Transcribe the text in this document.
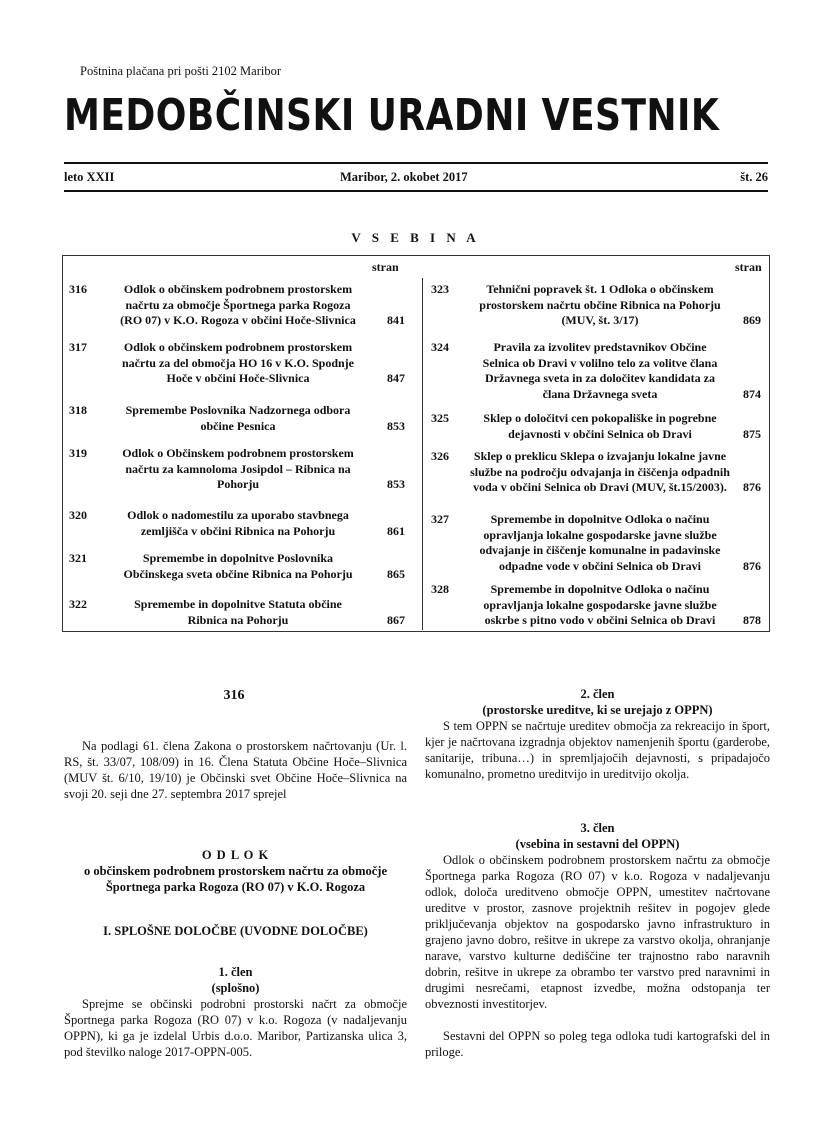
Poštnina plačana pri pošti 2102 Maribor
MEDOBČINSKI URADNI VESTNIK
leto XXII	Maribor, 2. okobet 2017	št. 26
V S E B I N A
stran	stran
316	Odlok o občinskem podrobnem prostorskem
načrtu za območje Športnega parka Rogoza
(RO 07) v K.O. Rogoza v občini Hoče-Slivnica	841
317	Odlok o občinskem podrobnem prostorskem
načrtu za del območja HO 16 v K.O. Spodnje
Hoče v občini Hoče-Slivnica	847
318	Spremembe Poslovnika Nadzornega odbora
občine Pesnica	853
319	Odlok o Občinskem podrobnem prostorskem
načrtu za kamnoloma Josipdol – Ribnica na
Pohorju	853
320	Odlok o nadomestilu za uporabo stavbnega
zemljišča v občini Ribnica na Pohorju	861
321	Spremembe in dopolnitve Poslovnika
Občinskega sveta občine Ribnica na Pohorju	865
322	Spremembe in dopolnitve Statuta občine
Ribnica na Pohorju	867
323	Tehnični popravek št. 1 Odloka o občinskem
prostorskem načrtu občine Ribnica na Pohorju
(MUV, št. 3/17)	869
324	Pravila za izvolitev predstavnikov Občine
Selnica ob Dravi v volilno telo za volitve člana
Državnega sveta in za določitev kandidata za
člana Državnega sveta	874
325	Sklep o določitvi cen pokopališke in pogrebne
dejavnosti v občini Selnica ob Dravi	875
326	Sklep o preklicu Sklepa o izvajanju lokalne javne
službe na področju odvajanja in čiščenja odpadnih
voda v občini Selnica ob Dravi (MUV, št.15/2003).	876
327	Spremembe in dopolnitve Odloka o načinu
opravljanja lokalne gospodarske javne službe
odvajanje in čiščenje komunalne in padavinske
odpadne vode v občini Selnica ob Dravi	876
328	Spremembe in dopolnitve Odloka o načinu
opravljanja lokalne gospodarske javne službe
oskrbe s pitno vodo v občini Selnica ob Dravi	878
316
Na podlagi 61. člena Zakona o prostorskem načrtovanju (Ur. l. RS, št. 33/07, 108/09) in 16. Člena Statuta Občine Hoče–Slivnica (MUV št. 6/10, 19/10) je Občinski svet Občine Hoče–Slivnica na svoji 20. seji dne 27. septembra 2017 sprejel
O D L O K
o občinskem podrobnem prostorskem načrtu za območje
Športnega parka Rogoza (RO 07) v K.O. Rogoza
I. SPLOŠNE DOLOČBE (UVODNE DOLOČBE)
1. člen
(splošno)
Sprejme se občinski podrobni prostorski načrt za območje Športnega parka Rogoza (RO 07) v k.o. Rogoza (v nadaljevanju OPPN), ki ga je izdelal Urbis d.o.o. Maribor, Partizanska ulica 3, pod številko naloge 2017-OPPN-005.
2. člen
(prostorske ureditve, ki se urejajo z OPPN)
S tem OPPN se načrtuje ureditev območja za rekreacijo in šport, kjer je načrtovana izgradnja objektov namenjenih športu (garderobe, sanitarije, tribuna…) in spremljajočih dejavnosti, s pripadajočo komunalno, prometno ureditvijo in ureditvijo okolja.
3. člen
(vsebina in sestavni del OPPN)
Odlok o občinskem podrobnem prostorskem načrtu za območje Športnega parka Rogoza (RO 07) v k.o. Rogoza v nadaljevanju odlok, določa ureditveno območje OPPN, umestitev načrtovane ureditve v prostor, zasnove projektnih rešitev in pogojev glede priključevanja objektov na gospodarsko javno infrastrukturo in grajeno javno dobro, rešitve in ukrepe za varstvo okolja, ohranjanje narave, varstvo kulturne dediščine ter trajnostno rabo naravnih dobrin, rešitve in ukrepe za obrambo ter varstvo pred naravnimi in drugimi nesrečami, etapnost izvedbe, možna odstopanja ter obveznosti investitorjev.
Sestavni del OPPN so poleg tega odloka tudi kartografski del in priloge.
